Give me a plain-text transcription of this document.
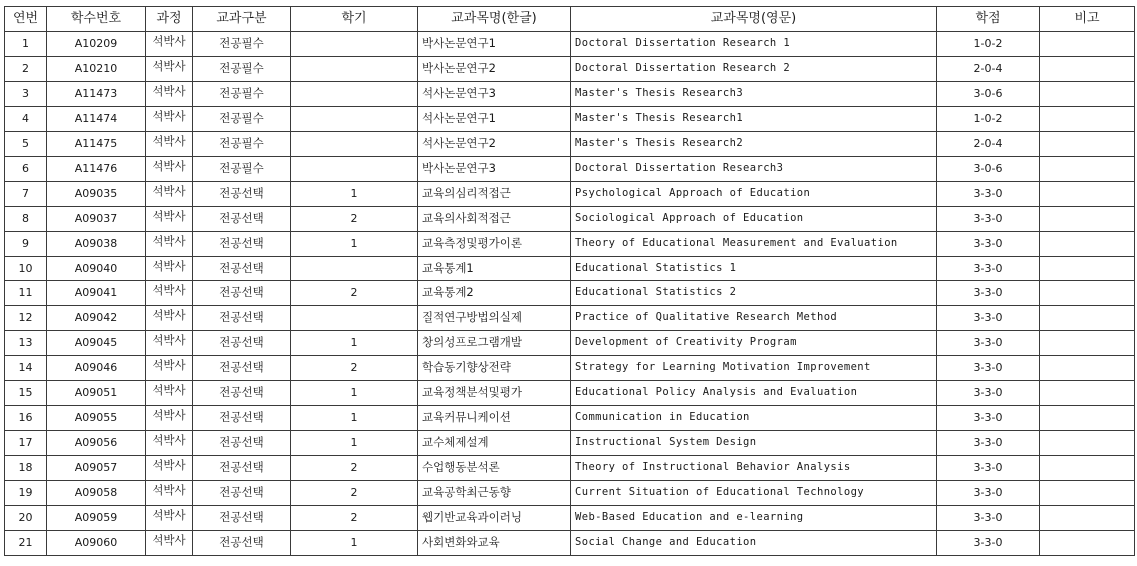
연번	학수번호	과정	교과구분	학기	교과목명(한글)	교과목명(영문)	학점	비고
1	A10209	석박사	전공필수		박사논문연구1	Doctoral Dissertation Research 1	1-0-2	
2	A10210	석박사	전공필수		박사논문연구2	Doctoral Dissertation Research 2	2-0-4	
3	A11473	석박사	전공필수		석사논문연구3	Master's Thesis Research3	3-0-6	
4	A11474	석박사	전공필수		석사논문연구1	Master's Thesis Research1	1-0-2	
5	A11475	석박사	전공필수		석사논문연구2	Master's Thesis Research2	2-0-4	
6	A11476	석박사	전공필수		박사논문연구3	Doctoral Dissertation Research3	3-0-6	
7	A09035	석박사	전공선택	1	교육의심리적접근	Psychological Approach of Education	3-3-0	
8	A09037	석박사	전공선택	2	교육의사회적접근	Sociological Approach of Education	3-3-0	
9	A09038	석박사	전공선택	1	교육측정및평가이론	Theory of Educational Measurement and Evaluation	3-3-0	
10	A09040	석박사	전공선택		교육통계1	Educational Statistics 1	3-3-0	
11	A09041	석박사	전공선택	2	교육통계2	Educational Statistics 2	3-3-0	
12	A09042	석박사	전공선택		질적연구방법의실제	Practice of Qualitative Research Method	3-3-0	
13	A09045	석박사	전공선택	1	창의성프로그램개발	Development of Creativity Program	3-3-0	
14	A09046	석박사	전공선택	2	학습동기향상전략	Strategy for Learning Motivation Improvement	3-3-0	
15	A09051	석박사	전공선택	1	교육정책분석및평가	Educational Policy Analysis and Evaluation	3-3-0	
16	A09055	석박사	전공선택	1	교육커뮤니케이션	Communication in Education	3-3-0	
17	A09056	석박사	전공선택	1	교수체제설계	Instructional System Design	3-3-0	
18	A09057	석박사	전공선택	2	수업행동분석론	Theory of Instructional Behavior Analysis	3-3-0	
19	A09058	석박사	전공선택	2	교육공학최근동향	Current Situation of Educational Technology	3-3-0	
20	A09059	석박사	전공선택	2	웹기반교육과이러닝	Web-Based Education and e-learning	3-3-0	
21	A09060	석박사	전공선택	1	사회변화와교육	Social Change and Education	3-3-0	
